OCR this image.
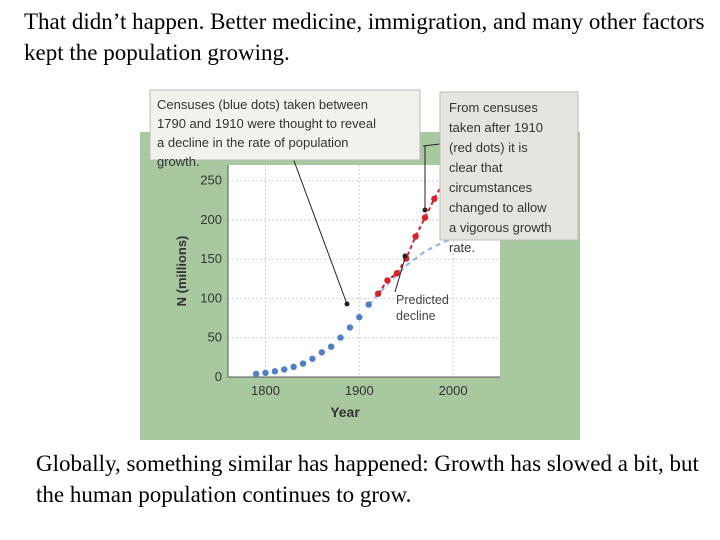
That didn’t happen. Better medicine, immigration, and many other factors kept the population growing.
0
50
100
150
200
250
1800	1900	2000
N (millions)
Year
Censuses (blue dots) taken between 1790 and 1910 were thought to reveal a decline in the rate of population growth.
From censuses taken after 1910 (red dots) it is clear that circumstances changed to allow a vigorous growth rate.
Predicted decline
Globally, something similar has happened: Growth has slowed a bit, but the human population continues to grow.
